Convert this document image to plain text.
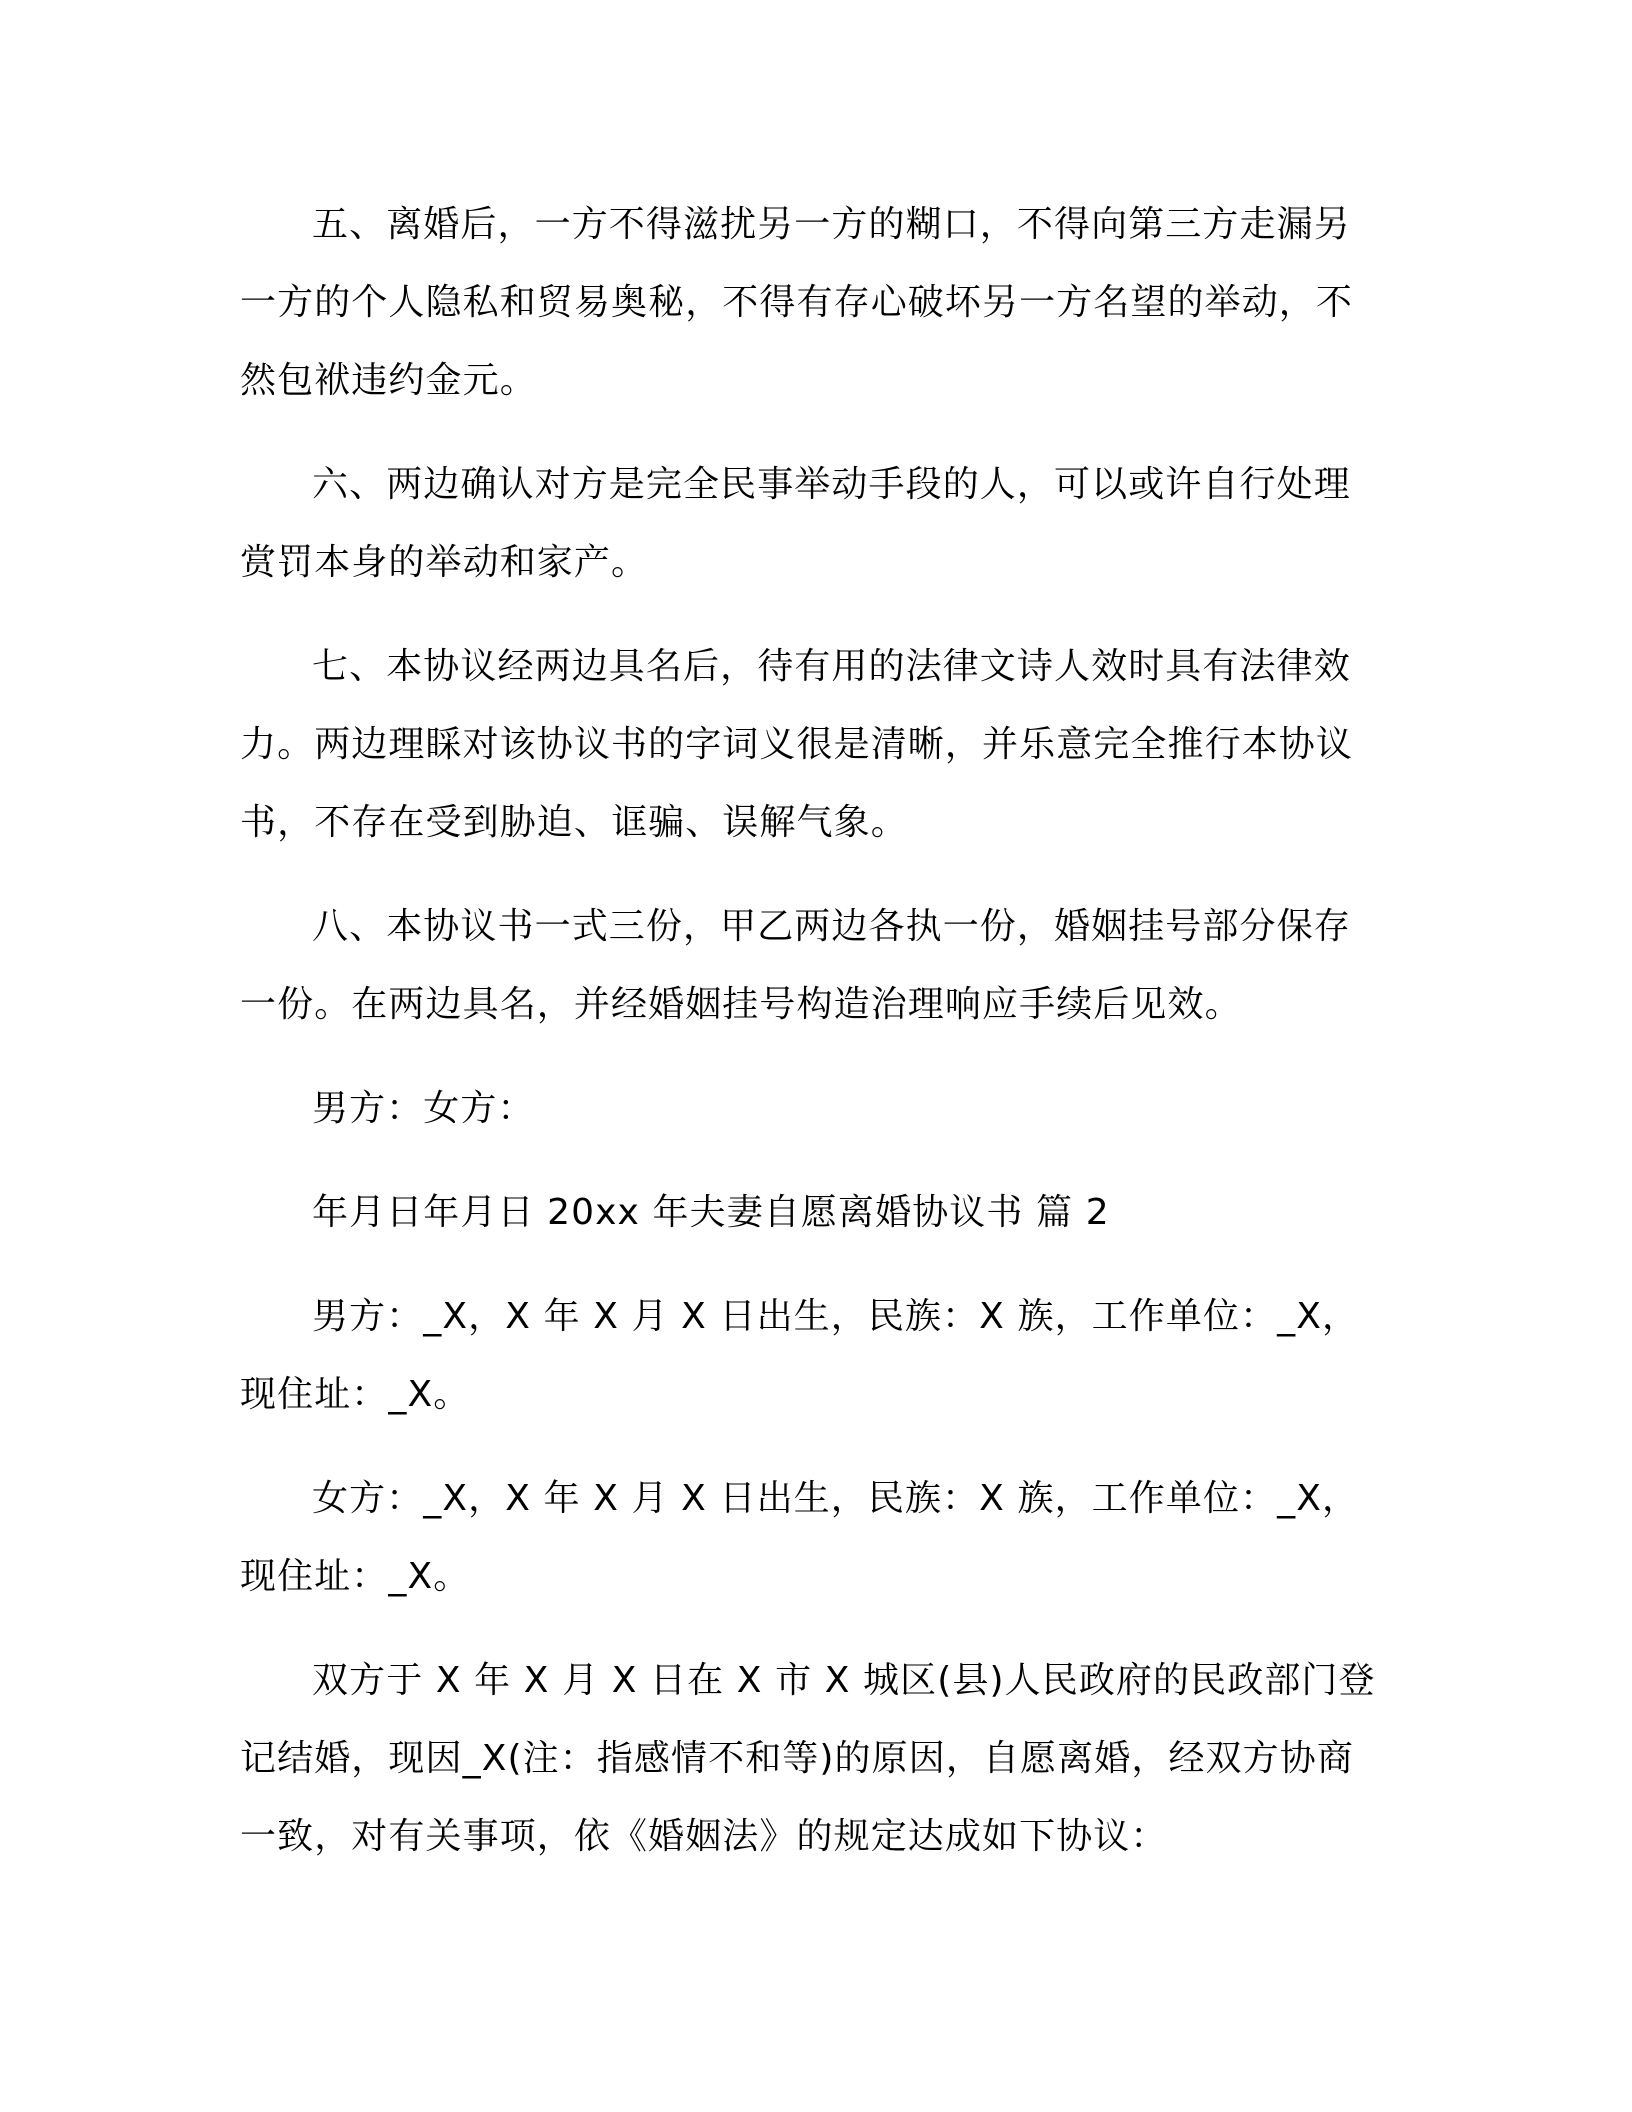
五、离婚后，一方不得滋扰另一方的糊口，不得向第三方走漏另一方的个人隐私和贸易奥秘，不得有存心破坏另一方名望的举动，不然包袱违约金元。

六、两边确认对方是完全民事举动手段的人，可以或许自行处理赏罚本身的举动和家产。

七、本协议经两边具名后，待有用的法律文诗人效时具有法律效力。两边理睬对该协议书的字词义很是清晰，并乐意完全推行本协议书，不存在受到胁迫、诓骗、误解气象。

八、本协议书一式三份，甲乙两边各执一份，婚姻挂号部分保存一份。在两边具名，并经婚姻挂号构造治理响应手续后见效。

男方：女方：

年月日年月日 20xx 年夫妻自愿离婚协议书 篇 2

男方：_X，X 年 X 月 X 日出生，民族：X 族，工作单位：_X，现住址：_X。

女方：_X，X 年 X 月 X 日出生，民族：X 族，工作单位：_X，现住址：_X。

双方于 X 年 X 月 X 日在 X 市 X 城区(县)人民政府的民政部门登记结婚，现因_X(注：指感情不和等)的原因，自愿离婚，经双方协商一致，对有关事项，依《婚姻法》的规定达成如下协议：
